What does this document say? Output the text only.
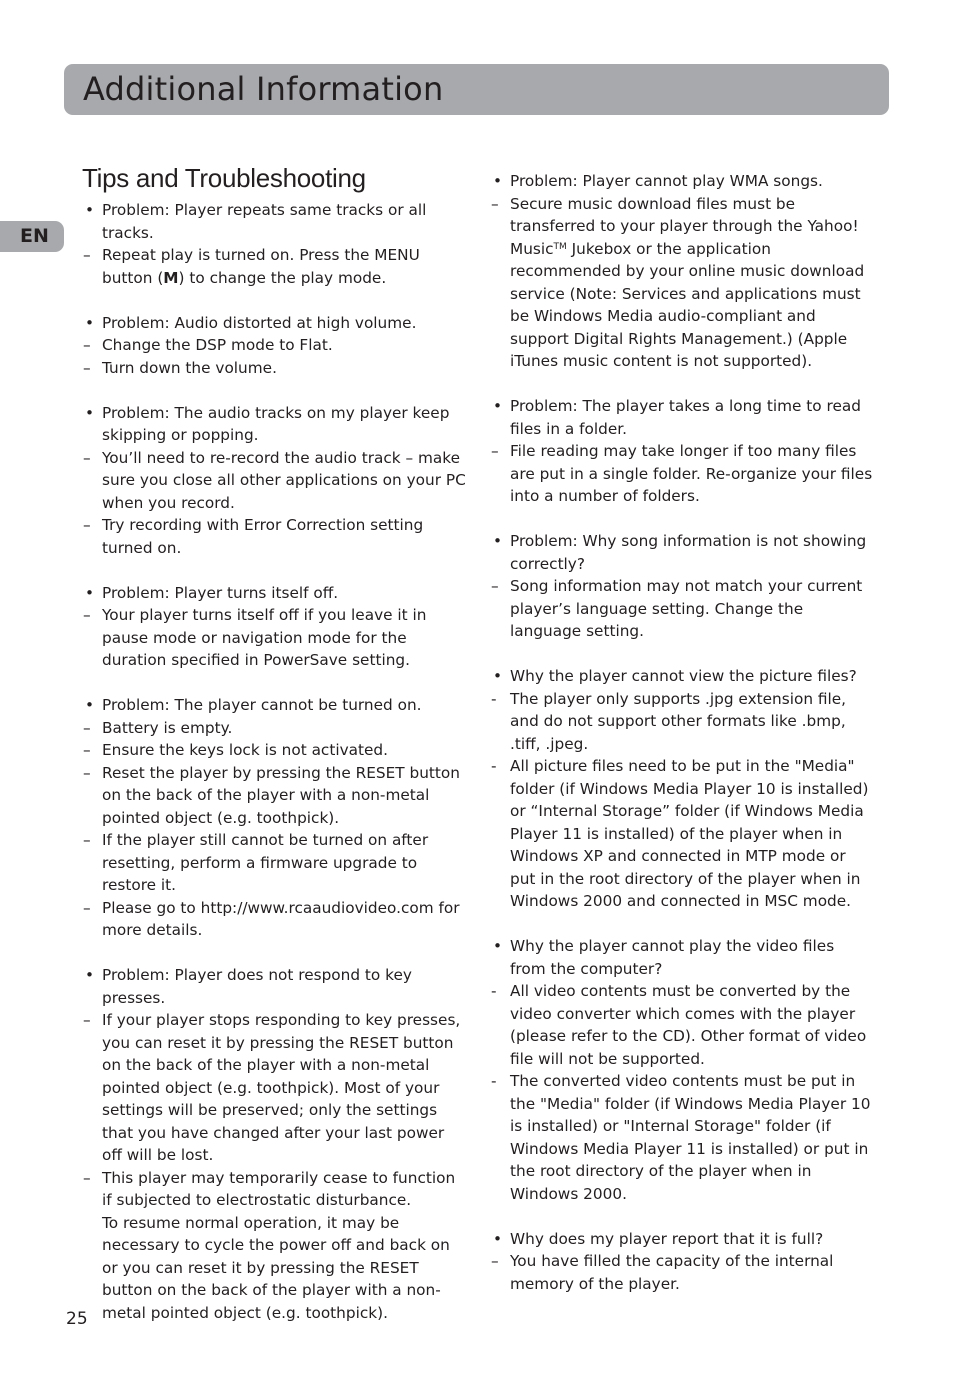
Additional Information
EN
Tips and Troubleshooting
• Problem: Player repeats same tracks or all tracks.
– Repeat play is turned on. Press the MENU button (M) to change the play mode.
• Problem: Audio distorted at high volume.
– Change the DSP mode to Flat.
– Turn down the volume.
• Problem: The audio tracks on my player keep skipping or popping.
– You’ll need to re-record the audio track – make sure you close all other applications on your PC when you record.
– Try recording with Error Correction setting turned on.
• Problem: Player turns itself off.
– Your player turns itself off if you leave it in pause mode or navigation mode for the duration specified in PowerSave setting.
• Problem: The player cannot be turned on.
– Battery is empty.
– Ensure the keys lock is not activated.
– Reset the player by pressing the RESET button on the back of the player with a non-metal pointed object (e.g. toothpick).
– If the player still cannot be turned on after resetting, perform a firmware upgrade to restore it.
– Please go to http://www.rcaaudiovideo.com for more details.
• Problem: Player does not respond to key presses.
– If your player stops responding to key presses, you can reset it by pressing the RESET button on the back of the player with a non-metal pointed object (e.g. toothpick). Most of your settings will be preserved; only the settings that you have changed after your last power off will be lost.
– This player may temporarily cease to function if subjected to electrostatic disturbance.
To resume normal operation, it may be necessary to cycle the power off and back on or you can reset it by pressing the RESET button on the back of the player with a non-metal pointed object (e.g. toothpick).
• Problem: Player cannot play WMA songs.
– Secure music download files must be transferred to your player through the Yahoo! Music™ Jukebox or the application recommended by your online music download service (Note: Services and applications must be Windows Media audio-compliant and support Digital Rights Management.) (Apple iTunes music content is not supported).
• Problem: The player takes a long time to read files in a folder.
– File reading may take longer if too many files are put in a single folder. Re-organize your files into a number of folders.
• Problem: Why song information is not showing correctly?
– Song information may not match your current player’s language setting. Change the language setting.
• Why the player cannot view the picture files?
- The player only supports .jpg extension file, and do not support other formats like .bmp, .tiff, .jpeg.
- All picture files need to be put in the "Media" folder (if Windows Media Player 10 is installed) or “Internal Storage” folder (if Windows Media Player 11 is installed) of the player when in Windows XP and connected in MTP mode or put in the root directory of the player when in Windows 2000 and connected in MSC mode.
• Why the player cannot play the video files from the computer?
- All video contents must be converted by the video converter which comes with the player (please refer to the CD). Other format of video file will not be supported.
- The converted video contents must be put in the "Media" folder (if Windows Media Player 10 is installed) or "Internal Storage" folder (if Windows Media Player 11 is installed) or put in the root directory of the player when in Windows 2000.
• Why does my player report that it is full?
– You have filled the capacity of the internal memory of the player.
25
